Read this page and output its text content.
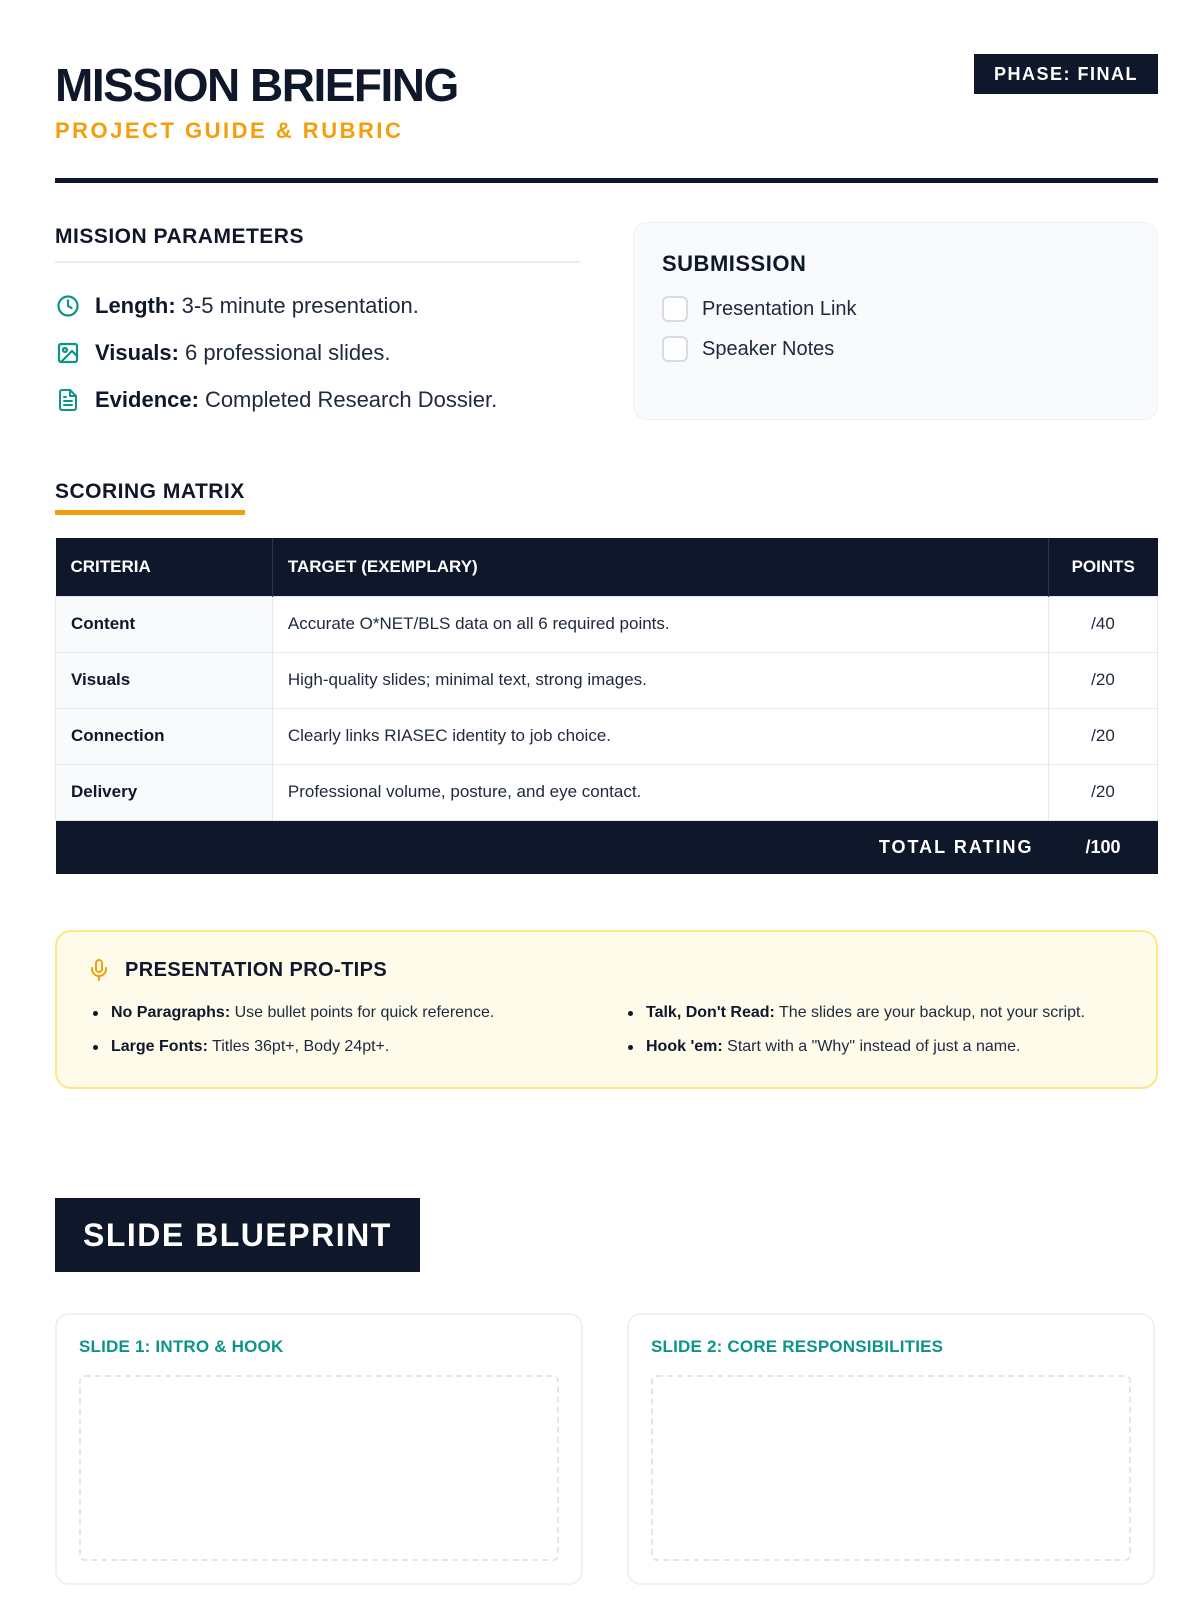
MISSION BRIEFING
PROJECT GUIDE & RUBRIC
PHASE: FINAL
MISSION PARAMETERS
Length: 3-5 minute presentation.
Visuals: 6 professional slides.
Evidence: Completed Research Dossier.
SUBMISSION
Presentation Link
Speaker Notes
SCORING MATRIX
CRITERIA	TARGET (EXEMPLARY)	POINTS
Content	Accurate O*NET/BLS data on all 6 required points.	/40
Visuals	High-quality slides; minimal text, strong images.	/20
Connection	Clearly links RIASEC identity to job choice.	/20
Delivery	Professional volume, posture, and eye contact.	/20
TOTAL RATING		/100
PRESENTATION PRO-TIPS
No Paragraphs: Use bullet points for quick reference.	Talk, Don't Read: The slides are your backup, not your script.
Large Fonts: Titles 36pt+, Body 24pt+.	Hook 'em: Start with a "Why" instead of just a name.
SLIDE BLUEPRINT
SLIDE 1: INTRO & HOOK	SLIDE 2: CORE RESPONSIBILITIES
